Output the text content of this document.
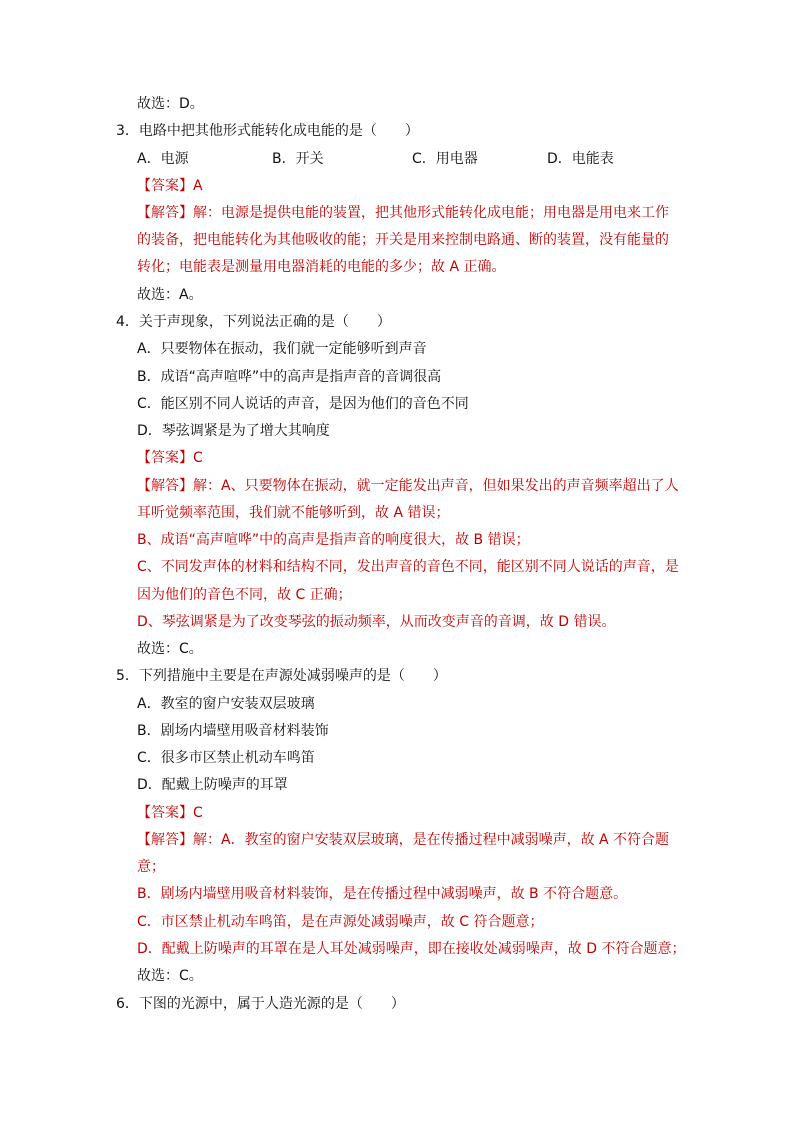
故选：D。
3．电路中把其他形式能转化成电能的是（　　）
A．电源	B．开关	C．用电器	D．电能表
【答案】A
【解答】解：电源是提供电能的装置，把其他形式能转化成电能；用电器是用电来工作
的装备，把电能转化为其他吸收的能；开关是用来控制电路通、断的装置，没有能量的
转化；电能表是测量用电器消耗的电能的多少；故 A 正确。
故选：A。
4．关于声现象，下列说法正确的是（　　）
A．只要物体在振动，我们就一定能够听到声音
B．成语“高声喧哗”中的高声是指声音的音调很高
C．能区别不同人说话的声音，是因为他们的音色不同
D．琴弦调紧是为了增大其响度
【答案】C
【解答】解：A、只要物体在振动，就一定能发出声音，但如果发出的声音频率超出了人
耳听觉频率范围，我们就不能够听到，故 A 错误；
B、成语“高声喧哗”中的高声是指声音的响度很大，故 B 错误；
C、不同发声体的材料和结构不同，发出声音的音色不同，能区别不同人说话的声音，是
因为他们的音色不同，故 C 正确；
D、琴弦调紧是为了改变琴弦的振动频率，从而改变声音的音调，故 D 错误。
故选：C。
5．下列措施中主要是在声源处减弱噪声的是（　　）
A．教室的窗户安装双层玻璃
B．剧场内墙壁用吸音材料装饰
C．很多市区禁止机动车鸣笛
D．配戴上防噪声的耳罩
【答案】C
【解答】解：A．教室的窗户安装双层玻璃，是在传播过程中减弱噪声，故 A 不符合题
意；
B．剧场内墙壁用吸音材料装饰，是在传播过程中减弱噪声，故 B 不符合题意。
C．市区禁止机动车鸣笛，是在声源处减弱噪声，故 C 符合题意；
D．配戴上防噪声的耳罩在是人耳处减弱噪声，即在接收处减弱噪声，故 D 不符合题意；
故选：C。
6．下图的光源中，属于人造光源的是（　　）
